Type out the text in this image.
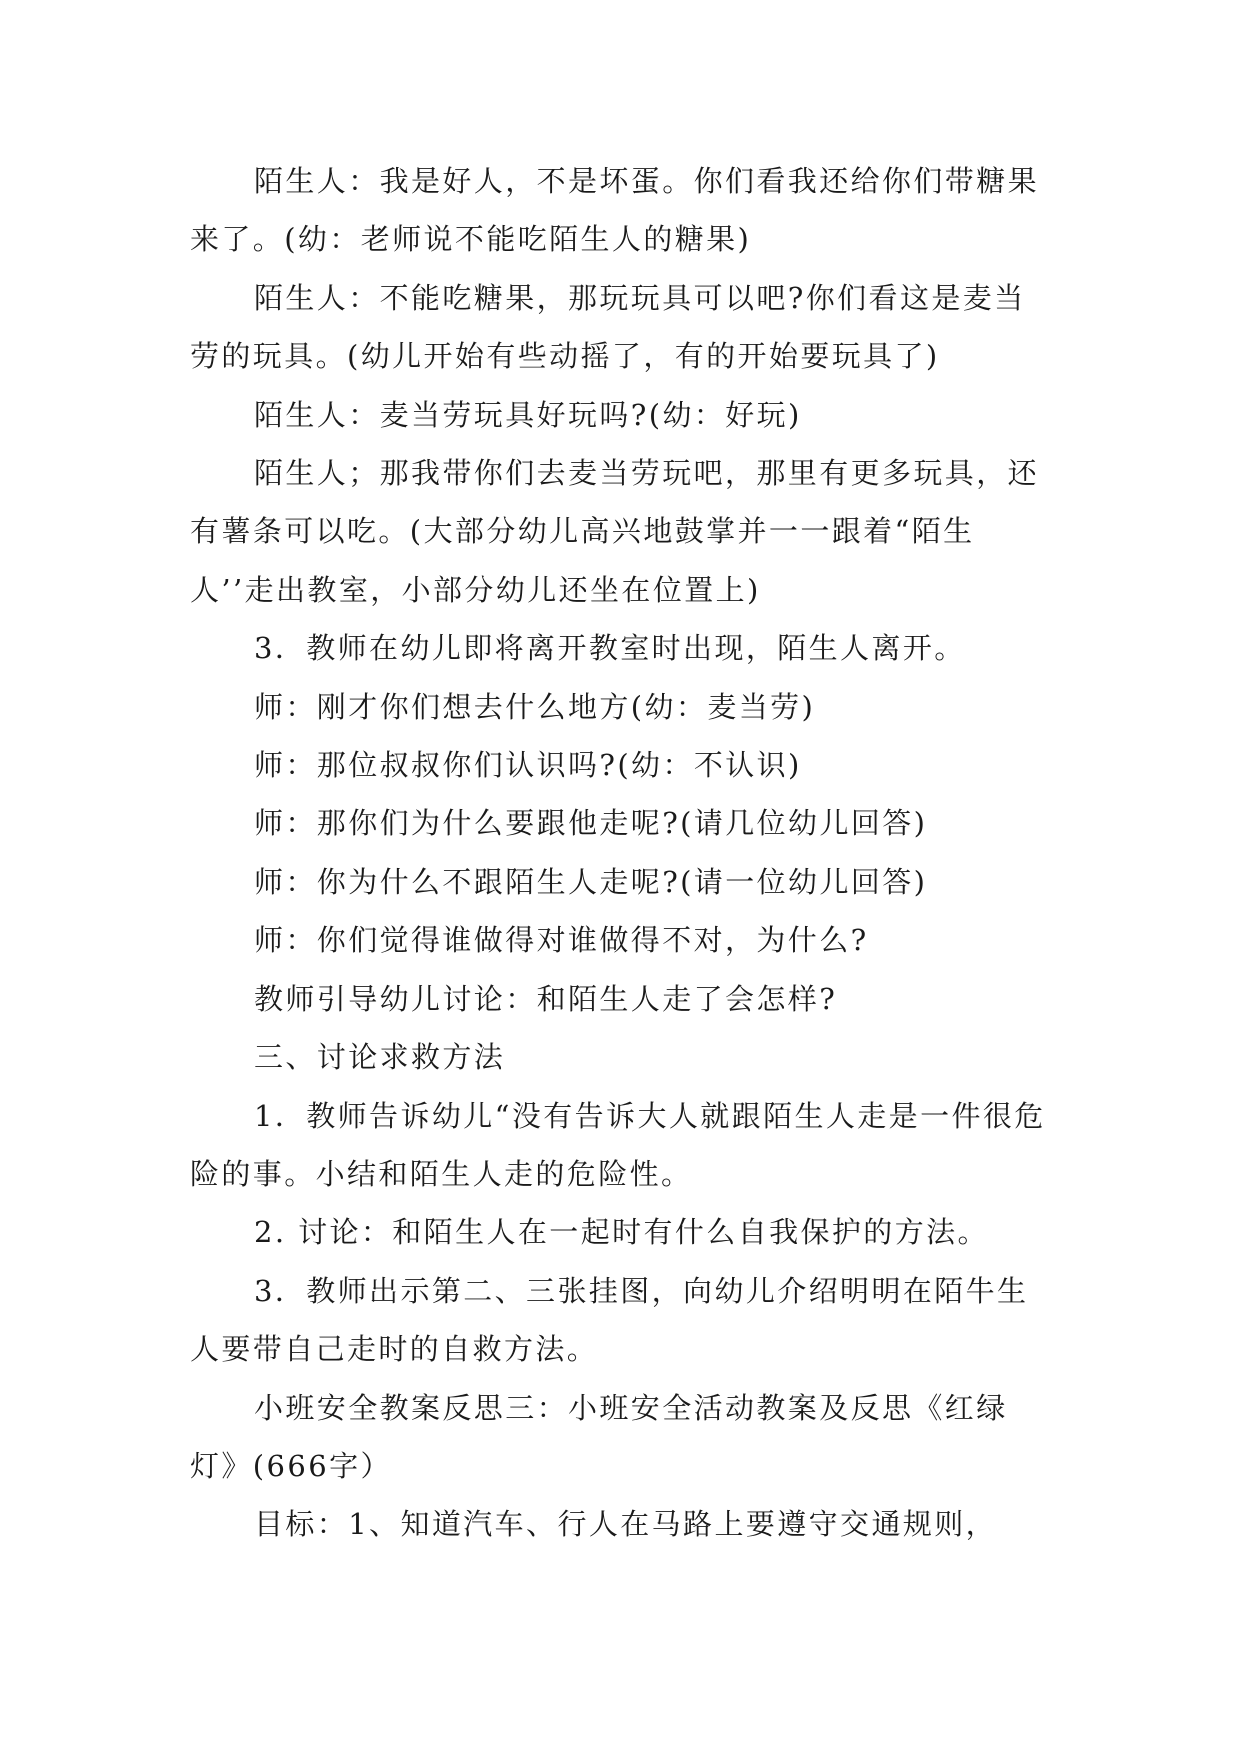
陌生人：我是好人，不是坏蛋。你们看我还给你们带糖果来了。(幼：老师说不能吃陌生人的糖果)

陌生人：不能吃糖果，那玩玩具可以吧?你们看这是麦当劳的玩具。(幼儿开始有些动摇了，有的开始要玩具了)

陌生人：麦当劳玩具好玩吗?(幼：好玩)

陌生人；那我带你们去麦当劳玩吧，那里有更多玩具，还有薯条可以吃。(大部分幼儿高兴地鼓掌并一一跟着“陌生人’’走出教室，小部分幼儿还坐在位置上)

3．教师在幼儿即将离开教室时出现，陌生人离开。

师：刚才你们想去什么地方(幼：麦当劳)

师：那位叔叔你们认识吗?(幼：不认识)

师：那你们为什么要跟他走呢?(请几位幼儿回答)

师：你为什么不跟陌生人走呢?(请一位幼儿回答)

师：你们觉得谁做得对谁做得不对，为什么?

教师引导幼儿讨论：和陌生人走了会怎样?

三、讨论求救方法

1．教师告诉幼儿“没有告诉大人就跟陌生人走是一件很危险的事。小结和陌生人走的危险性。

2. 讨论：和陌生人在一起时有什么自我保护的方法。

3．教师出示第二、三张挂图，向幼儿介绍明明在陌牛生人要带自己走时的自救方法。

小班安全教案反思三：小班安全活动教案及反思《红绿灯》(666字）

目标：1、知道汽车、行人在马路上要遵守交通规则，
